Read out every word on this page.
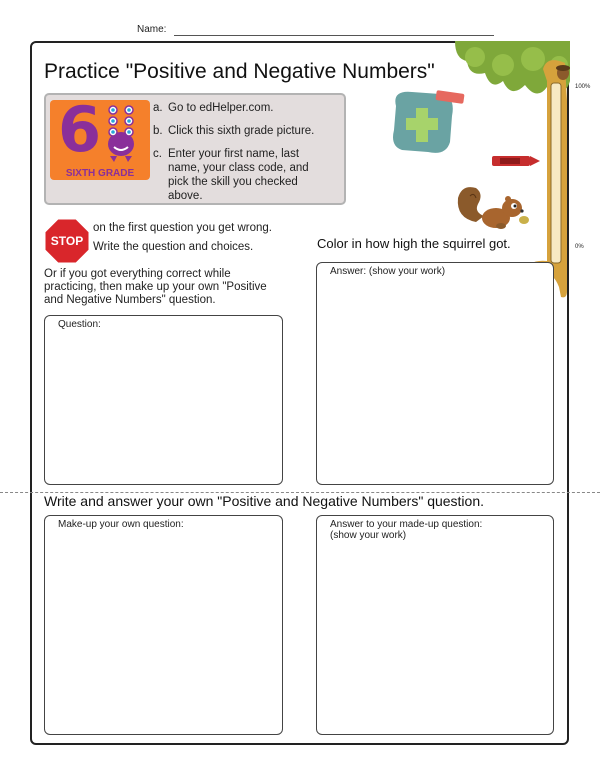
Name:
Practice "Positive and Negative Numbers"
6
SIXTH GRADE
a. Go to edHelper.com.
b. Click this sixth grade picture.
c. Enter your first name, last name, your class code, and pick the skill you checked above.
100%
0%
STOP
on the first question you get wrong.
Write the question and choices.
Or if you got everything correct while practicing, then make up your own "Positive and Negative Numbers" question.
Color in how high the squirrel got.
Question:
Answer: (show your work)
Write and answer your own "Positive and Negative Numbers" question.
Make-up your own question:	Answer to your made-up question: (show your work)
